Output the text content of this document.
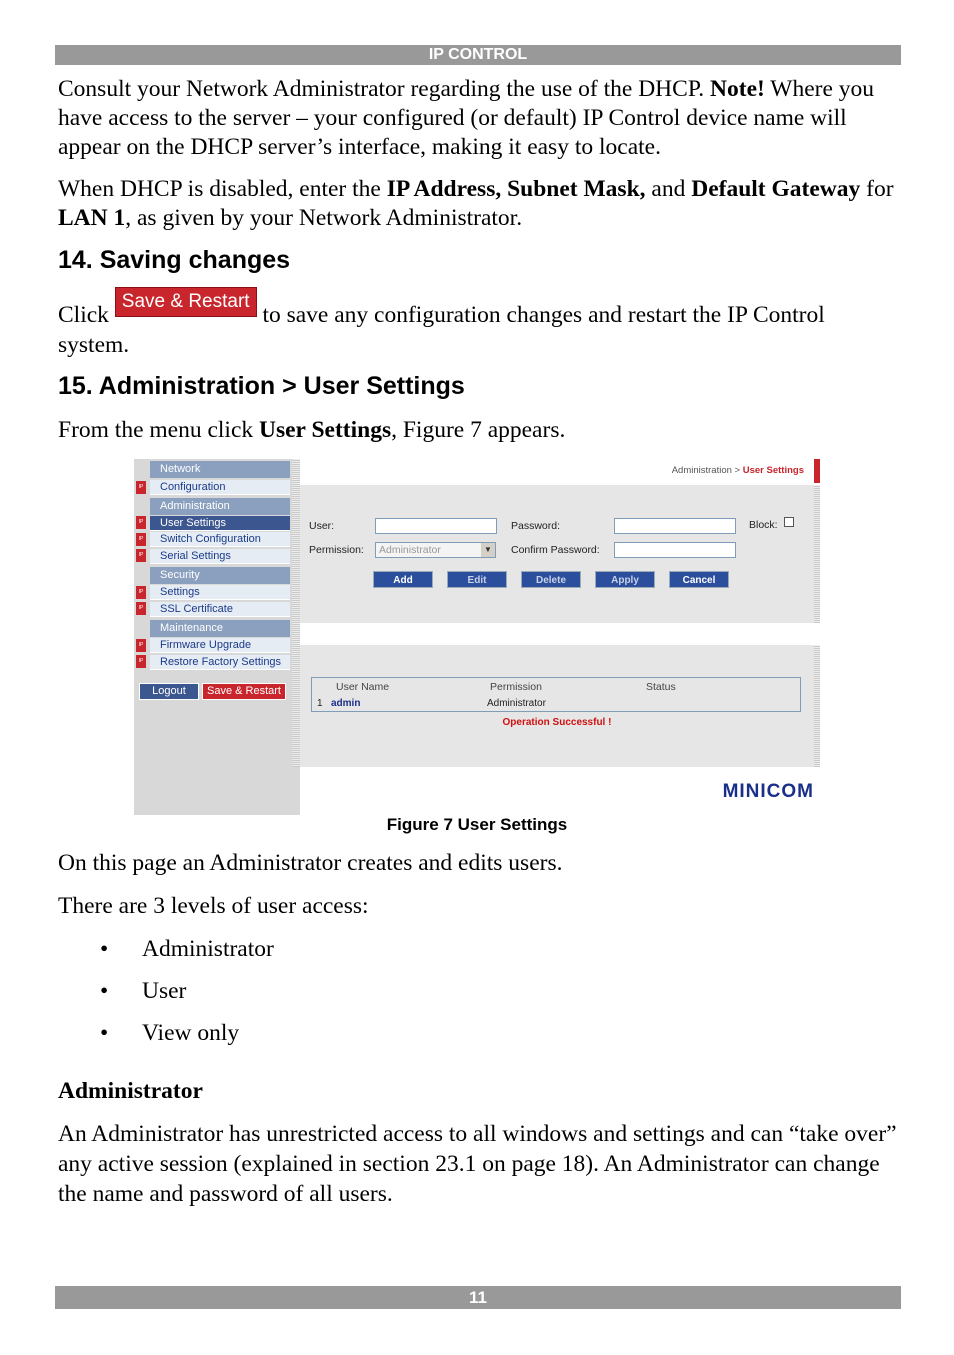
IP CONTROL
Consult your Network Administrator regarding the use of the DHCP. Note! Where you have access to the server – your configured (or default) IP Control device name will appear on the DHCP server’s interface, making it easy to locate.
When DHCP is disabled, enter the IP Address, Subnet Mask, and Default Gateway for LAN 1, as given by your Network Administrator.
14. Saving changes
Click Save & Restart to save any configuration changes and restart the IP Control system.
15. Administration > User Settings
From the menu click User Settings, Figure 7 appears.
Network
IP	Configuration
Administration
IP	User Settings
IP	Switch Configuration
IP	Serial Settings
Security
IP	Settings
IP	SSL Certificate
Maintenance
IP	Firmware Upgrade
IP	Restore Factory Settings
Logout	Save & Restart
Administration > User Settings
User:	Password:	Block:
Permission:	Administrator	▼ Confirm Password:
Add	Edit	Delete	Apply	Cancel
User Name	Permission	Status
1 admin	Administrator
Operation Successful !
MINICOM
Figure 7 User Settings
On this page an Administrator creates and edits users.
There are 3 levels of user access:
• Administrator
• User
• View only
Administrator
An Administrator has unrestricted access to all windows and settings and can “take over” any active session (explained in section 23.1 on page 18). An Administrator can change the name and password of all users.
11
